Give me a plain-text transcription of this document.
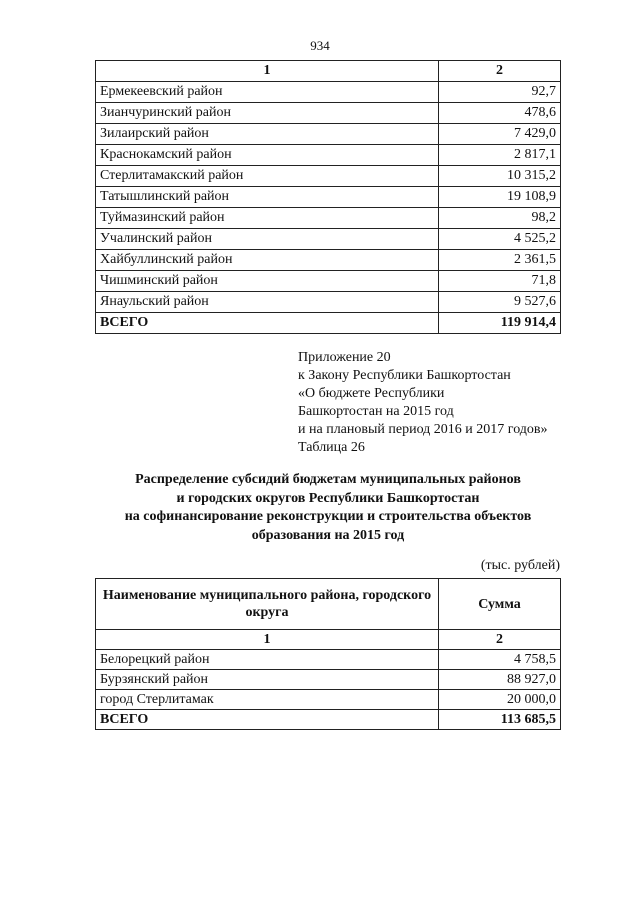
934
1	2
Ермекеевский район	92,7
Зианчуринский район	478,6
Зилаирский район	7 429,0
Краснокамский район	2 817,1
Стерлитамакский район	10 315,2
Татышлинский район	19 108,9
Туймазинский район	98,2
Учалинский район	4 525,2
Хайбуллинский район	2 361,5
Чишминский район	71,8
Янаульский район	9 527,6
ВСЕГО	119 914,4
Приложение 20
к Закону Республики Башкортостан
«О бюджете Республики
Башкортостан на 2015 год
и на плановый период 2016 и 2017 годов»
Таблица 26
Распределение субсидий бюджетам муниципальных районов
и городских округов Республики Башкортостан
на софинансирование реконструкции и строительства объектов
образования на 2015 год
(тыс. рублей)
Наименование муниципального района, городского округа	Сумма
1	2
Белорецкий район	4 758,5
Бурзянский район	88 927,0
город Стерлитамак	20 000,0
ВСЕГО	113 685,5
